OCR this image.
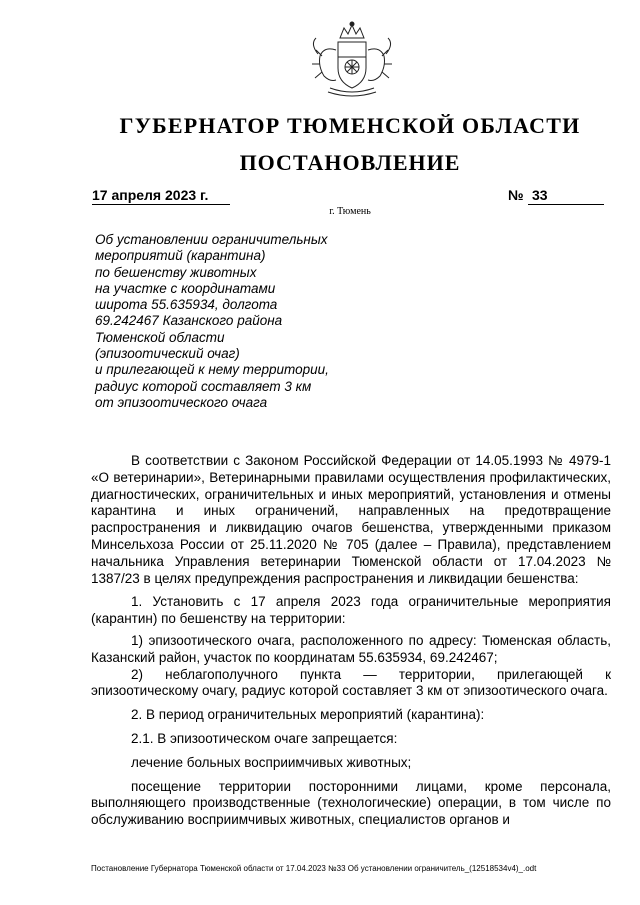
ГУБЕРНАТОР ТЮМЕНСКОЙ ОБЛАСТИ
ПОСТАНОВЛЕНИЕ
17 апреля 2023 г.	№ 33
г. Тюмень
Об установлении ограничительных
мероприятий (карантина)
по бешенству животных
на участке с координатами
широта 55.635934, долгота
69.242467 Казанского района
Тюменской области
(эпизоотический очаг)
и прилегающей к нему территории,
радиус которой составляет 3 км
от эпизоотического очага

В соответствии с Законом Российской Федерации от 14.05.1993 № 4979-1 «О ветеринарии», Ветеринарными правилами осуществления профилактических, диагностических, ограничительных и иных мероприятий, установления и отмены карантина и иных ограничений, направленных на предотвращение распространения и ликвидацию очагов бешенства, утвержденными приказом Минсельхоза России от 25.11.2020 № 705 (далее – Правила), представлением начальника Управления ветеринарии Тюменской области от 17.04.2023 № 1387/23 в целях предупреждения распространения и ликвидации бешенства:

1. Установить с 17 апреля 2023 года ограничительные мероприятия (карантин) по бешенству на территории:

1) эпизоотического очага, расположенного по адресу: Тюменская область, Казанский район, участок по координатам 55.635934, 69.242467;

2) неблагополучного пункта — территории, прилегающей к эпизоотическому очагу, радиус которой составляет 3 км от эпизоотического очага.

2. В период ограничительных мероприятий (карантина):

2.1. В эпизоотическом очаге запрещается:

лечение больных восприимчивых животных;

посещение территории посторонними лицами, кроме персонала, выполняющего производственные (технологические) операции, в том числе по обслуживанию восприимчивых животных, специалистов органов и

Постановление Губернатора Тюменской области от 17.04.2023 №33 Об установлении ограничитель_(12518534v4)_.odt
